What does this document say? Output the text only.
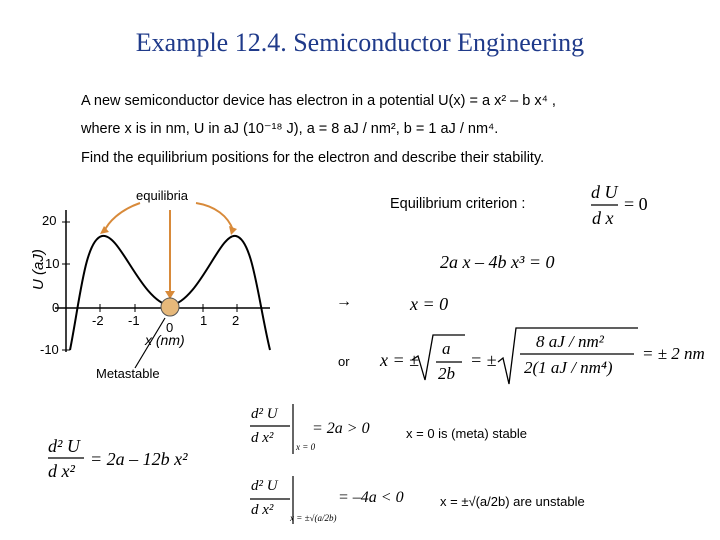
Example 12.4. Semiconductor Engineering
A new semiconductor device has electron in a potential U(x) = a x² – b x⁴ ,
where x is in nm, U in aJ (10⁻¹⁸ J), a = 8 aJ / nm², b = 1 aJ / nm⁴.
Find the equilibrium positions for the electron and describe their stability.
equilibria
Metastable
U (aJ)
x (nm)
20
10
0
-10
-2 -1 0 1 2
Equilibrium criterion :
d U
d x
= 0
2a x – 4b x³ = 0
→	x = 0
or x = ±
a
2b
= ±
8 aJ / nm²
2(1 aJ / nm⁴)
= ± 2 nm
d² U
d x²
= 2a – 12b x²
d² U
d x²
x = 0
= 2a > 0	x = 0 is (meta) stable
d² U
d x² x = ±√(a/2b)
= –4a < 0	x = ±√(a/2b) are unstable
